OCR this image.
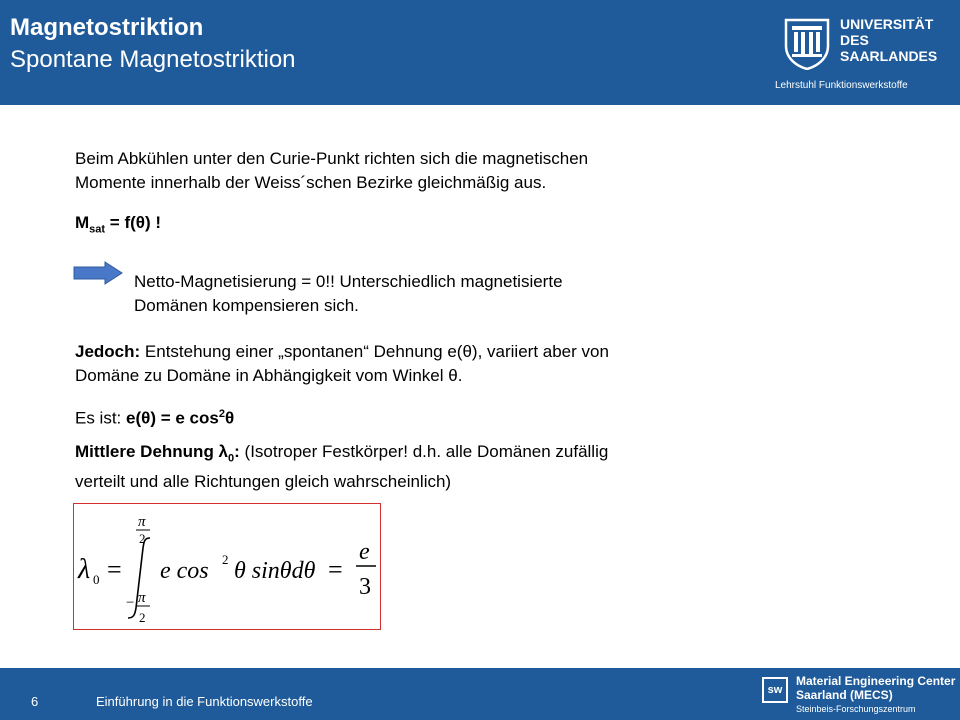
Magnetostriktion
Spontane Magnetostriktion
UNIVERSITÄT
DES
SAARLANDES
Lehrstuhl Funktionswerkstoffe
Beim Abkühlen unter den Curie-Punkt richten sich die magnetischen
Momente innerhalb der Weiss´schen Bezirke gleichmäßig aus.
$M_{sat} = f(\theta)$ !
Netto-Magnetisierung = 0!! Unterschiedlich magnetisierte
Domänen kompensieren sich.
Jedoch: Entstehung einer „spontanen“ Dehnung e(θ), variiert aber von
Domäne zu Domäne in Abhängigkeit vom Winkel θ.
Es ist: e(θ) = e $\cos^2\theta$
Mittlere Dehnung $\lambda_0$: (Isotroper Festkörper! d.h. alle Domänen zufällig
verteilt und alle Richtungen gleich wahrscheinlich)
λ 0 =
π
2
− π
2
e cos 2 θ sinθdθ =
e
3
6	Einführung in die Funktionswerkstoffe
sw
Material Engineering Center
Saarland (MECS)
Steinbeis-Forschungszentrum
